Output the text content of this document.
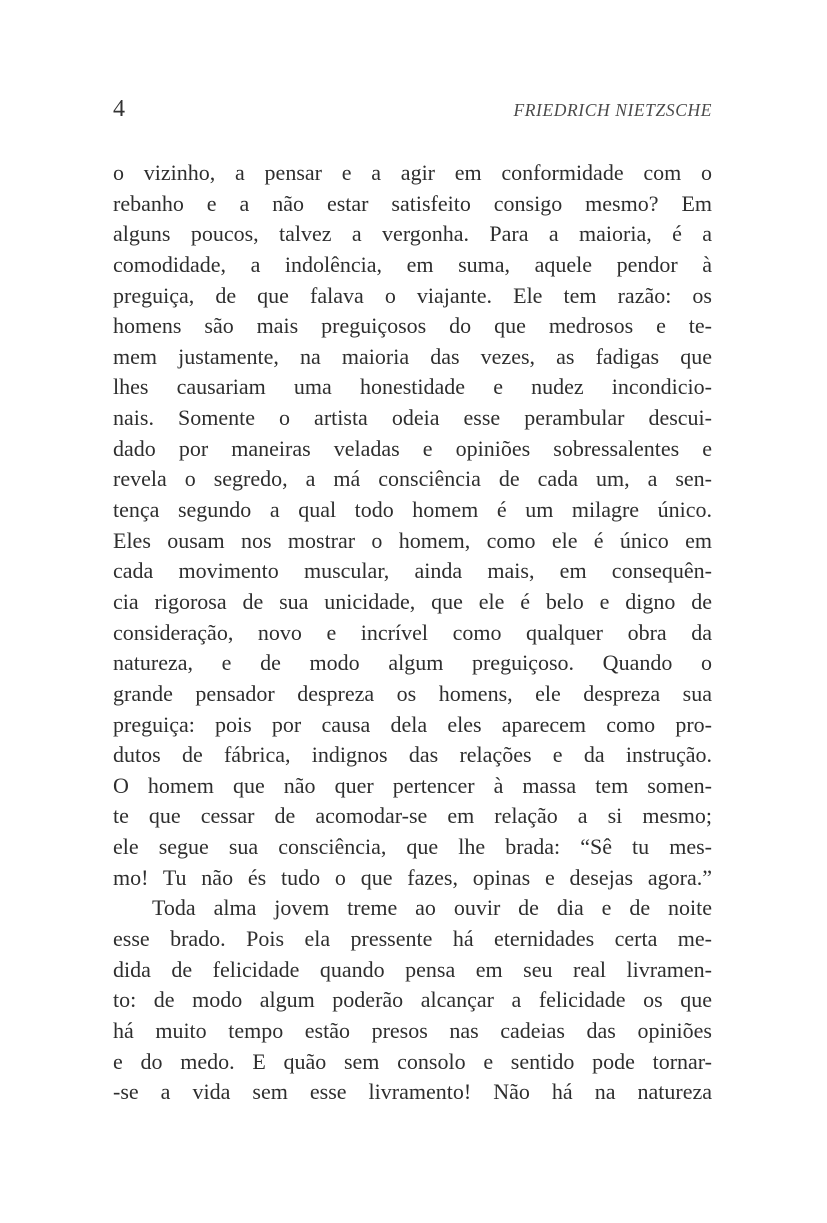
4	FRIEDRICH NIETZSCHE
o vizinho, a pensar e a agir em conformidade com o
rebanho e a não estar satisfeito consigo mesmo? Em
alguns poucos, talvez a vergonha. Para a maioria, é a
comodidade, a indolência, em suma, aquele pendor à
preguiça, de que falava o viajante. Ele tem razão: os
homens são mais preguiçosos do que medrosos e te-
mem justamente, na maioria das vezes, as fadigas que
lhes causariam uma honestidade e nudez incondicio-
nais. Somente o artista odeia esse perambular descui-
dado por maneiras veladas e opiniões sobressalentes e
revela o segredo, a má consciência de cada um, a sen-
tença segundo a qual todo homem é um milagre único.
Eles ousam nos mostrar o homem, como ele é único em
cada movimento muscular, ainda mais, em consequên-
cia rigorosa de sua unicidade, que ele é belo e digno de
consideração, novo e incrível como qualquer obra da
natureza, e de modo algum preguiçoso. Quando o
grande pensador despreza os homens, ele despreza sua
preguiça: pois por causa dela eles aparecem como pro-
dutos de fábrica, indignos das relações e da instrução.
O homem que não quer pertencer à massa tem somen-
te que cessar de acomodar-se em relação a si mesmo;
ele segue sua consciência, que lhe brada: “Sê tu mes-
mo! Tu não és tudo o que fazes, opinas e desejas agora.”
Toda alma jovem treme ao ouvir de dia e de noite
esse brado. Pois ela pressente há eternidades certa me-
dida de felicidade quando pensa em seu real livramen-
to: de modo algum poderão alcançar a felicidade os que
há muito tempo estão presos nas cadeias das opiniões
e do medo. E quão sem consolo e sentido pode tornar-
-se a vida sem esse livramento! Não há na natureza
